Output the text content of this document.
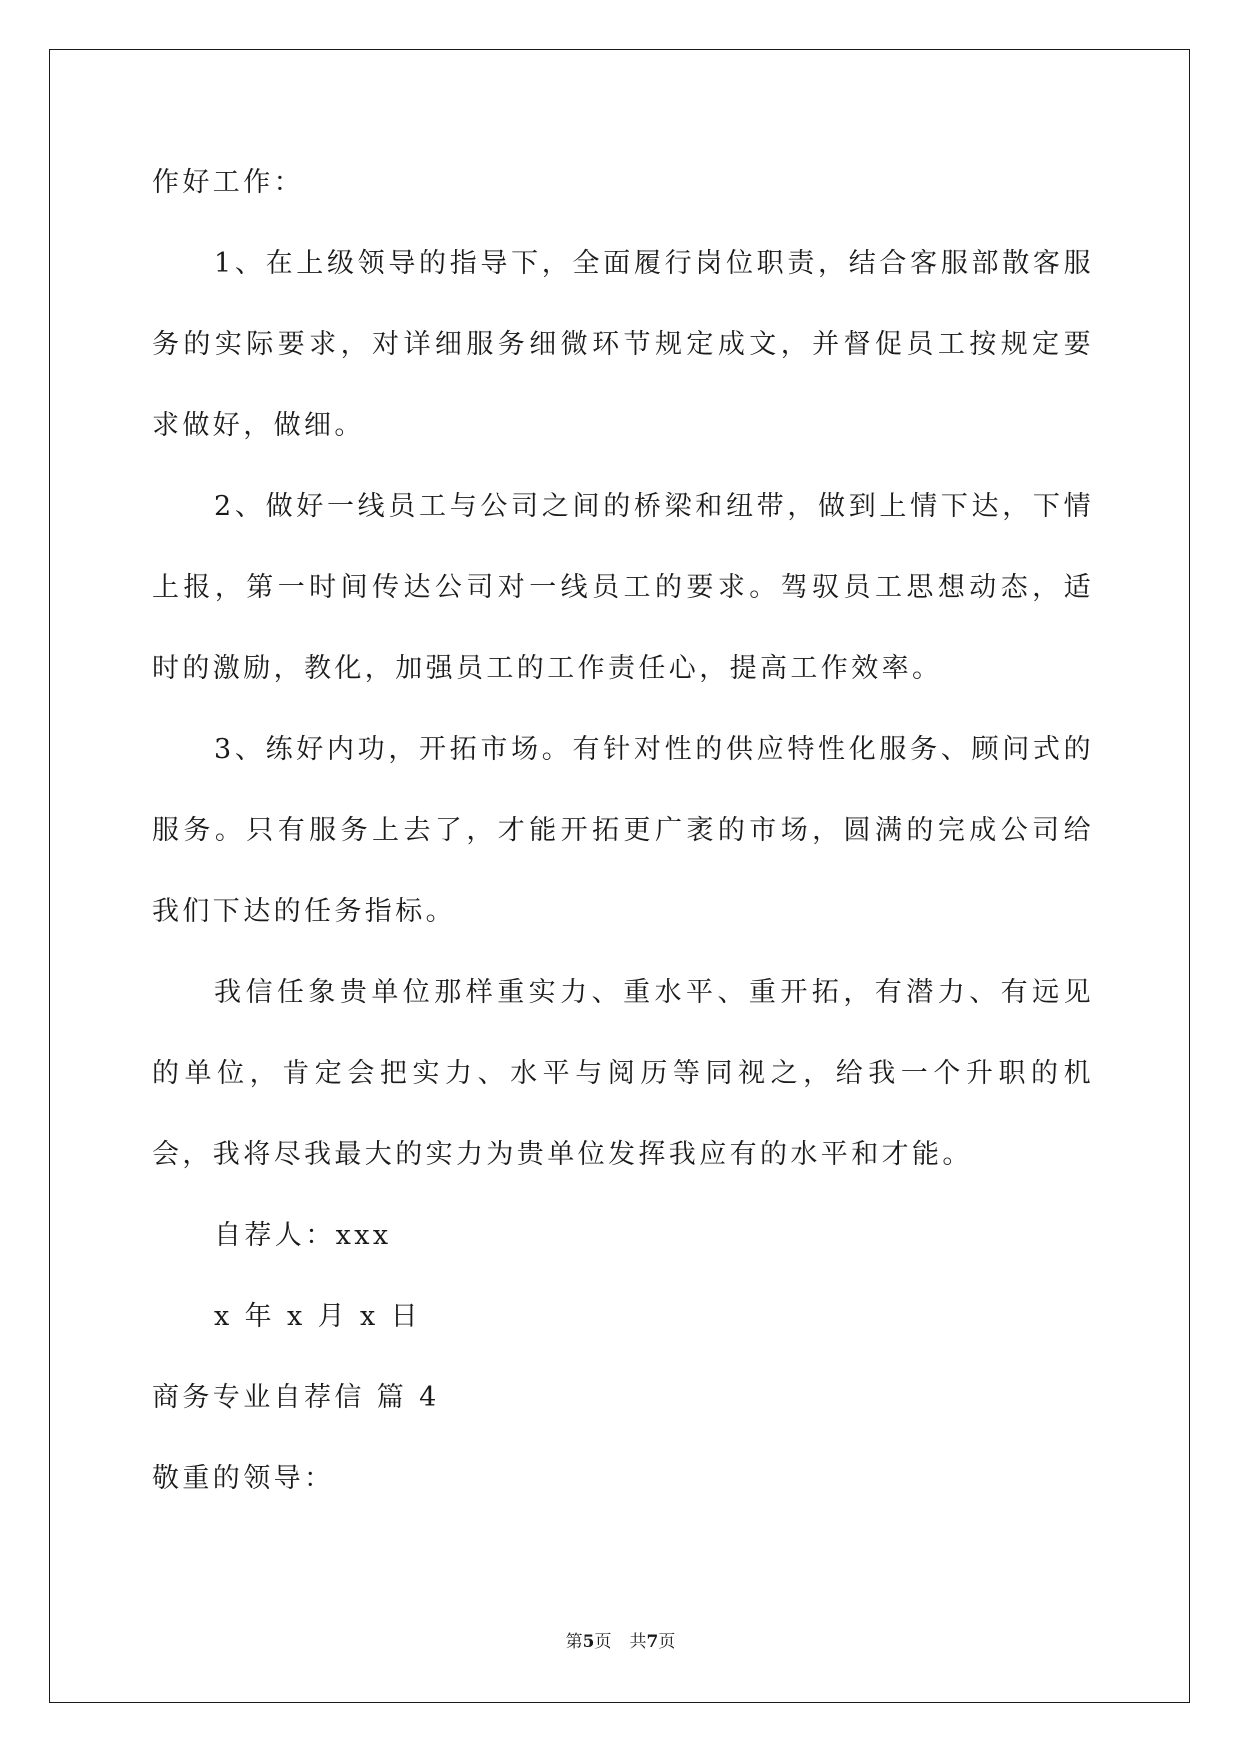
作好工作：

1、在上级领导的指导下，全面履行岗位职责，结合客服部散客服务的实际要求，对详细服务细微环节规定成文，并督促员工按规定要求做好，做细。

2、做好一线员工与公司之间的桥梁和纽带，做到上情下达，下情上报，第一时间传达公司对一线员工的要求。驾驭员工思想动态，适时的激励，教化，加强员工的工作责任心，提高工作效率。

3、练好内功，开拓市场。有针对性的供应特性化服务、顾问式的服务。只有服务上去了，才能开拓更广袤的市场，圆满的完成公司给我们下达的任务指标。

我信任象贵单位那样重实力、重水平、重开拓，有潜力、有远见的单位，肯定会把实力、水平与阅历等同视之，给我一个升职的机会，我将尽我最大的实力为贵单位发挥我应有的水平和才能。

自荐人：xxx

x 年 x 月 x 日

商务专业自荐信 篇 4

敬重的领导：

第5页 共7页
